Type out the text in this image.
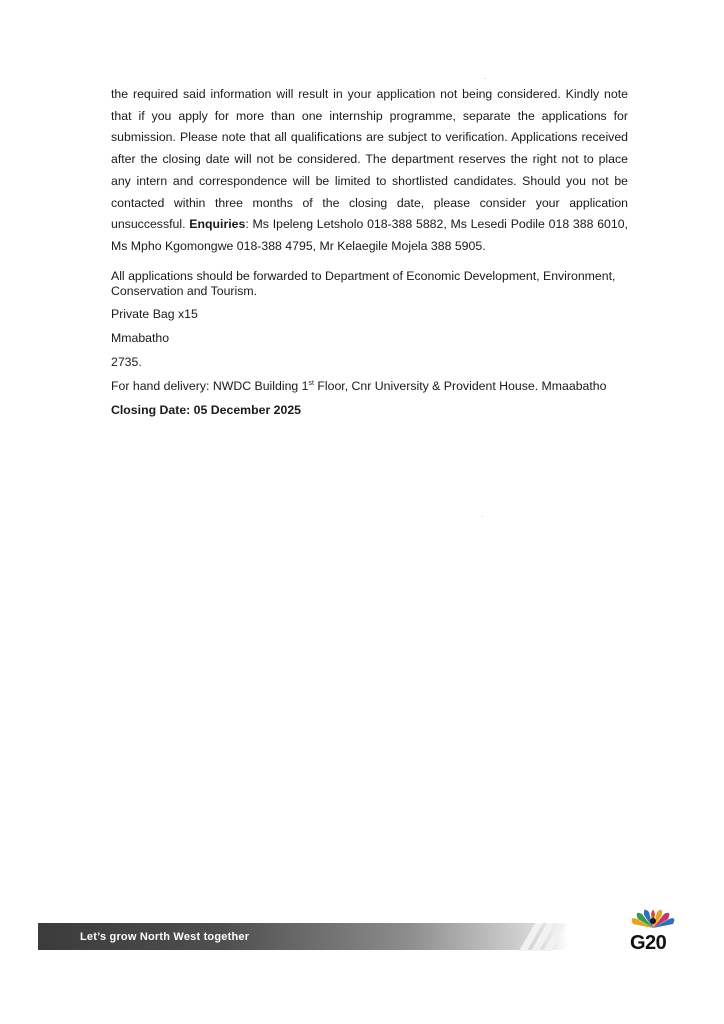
․
․

the required said information will result in your application not being considered. Kindly note that if you apply for more than one internship programme, separate the applications for submission. Please note that all qualifications are subject to verification. Applications received after the closing date will not be considered. The department reserves the right not to place any intern and correspondence will be limited to shortlisted candidates. Should you not be contacted within three months of the closing date, please consider your application unsuccessful. Enquiries: Ms Ipeleng Letsholo 018-388 5882, Ms Lesedi Podile 018 388 6010, Ms Mpho Kgomongwe 018-388 4795, Mr Kelaegile Mojela 388 5905.

All applications should be forwarded to Department of Economic Development, Environment, Conservation and Tourism.

Private Bag x15

Mmabatho

2735.

For hand delivery: NWDC Building 1st Floor, Cnr University & Provident House. Mmaabatho

Closing Date: 05 December 2025

Let’s grow North West together	G20
